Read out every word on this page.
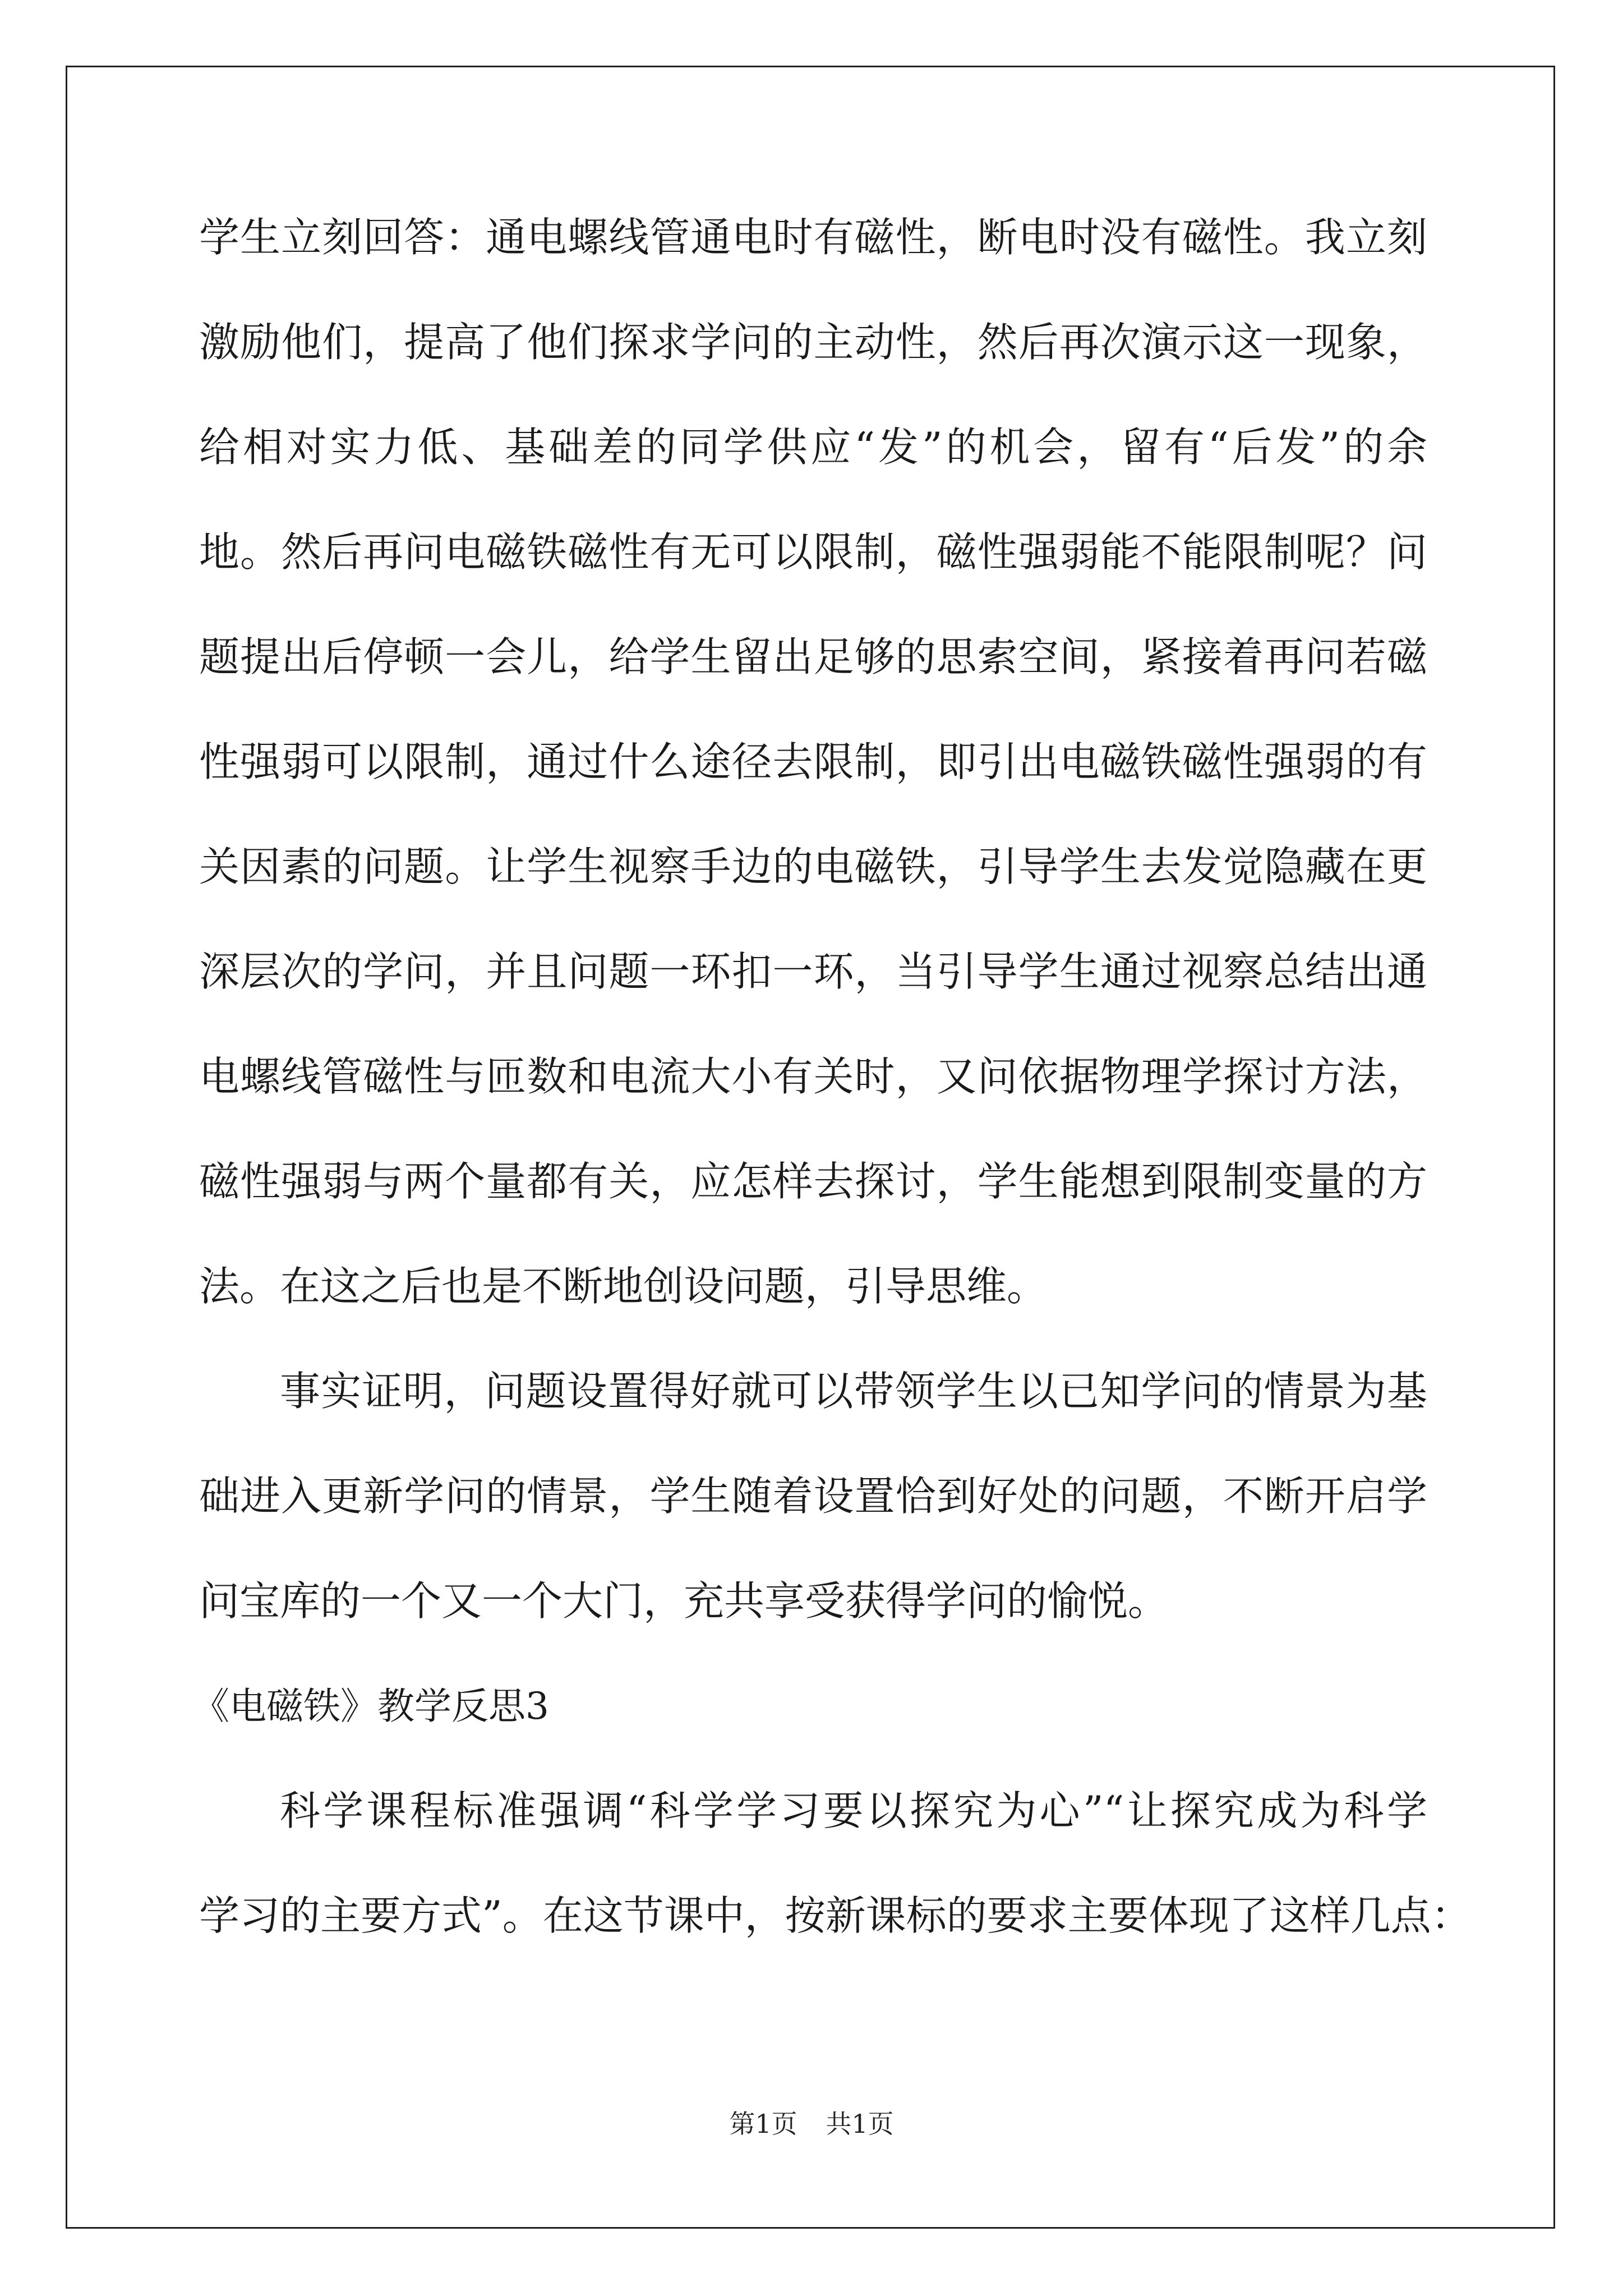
学生立刻回答：通电螺线管通电时有磁性，断电时没有磁性。我立刻
激励他们，提高了他们探求学问的主动性，然后再次演示这一现象，
给相对实力低、基础差的同学供应“发”的机会，留有“后发”的余
地。然后再问电磁铁磁性有无可以限制，磁性强弱能不能限制呢？问
题提出后停顿一会儿，给学生留出足够的思索空间，紧接着再问若磁
性强弱可以限制，通过什么途径去限制，即引出电磁铁磁性强弱的有
关因素的问题。让学生视察手边的电磁铁，引导学生去发觉隐藏在更
深层次的学问，并且问题一环扣一环，当引导学生通过视察总结出通
电螺线管磁性与匝数和电流大小有关时，又问依据物理学探讨方法，
磁性强弱与两个量都有关，应怎样去探讨，学生能想到限制变量的方
法。在这之后也是不断地创设问题，引导思维。
事实证明，问题设置得好就可以带领学生以已知学问的情景为基
础进入更新学问的情景，学生随着设置恰到好处的问题，不断开启学
问宝库的一个又一个大门，充共享受获得学问的愉悦。
《电磁铁》教学反思3
科学课程标准强调“科学学习要以探究为心”“让探究成为科学
学习的主要方式”。在这节课中，按新课标的要求主要体现了这样几点：
第1页 共1页
